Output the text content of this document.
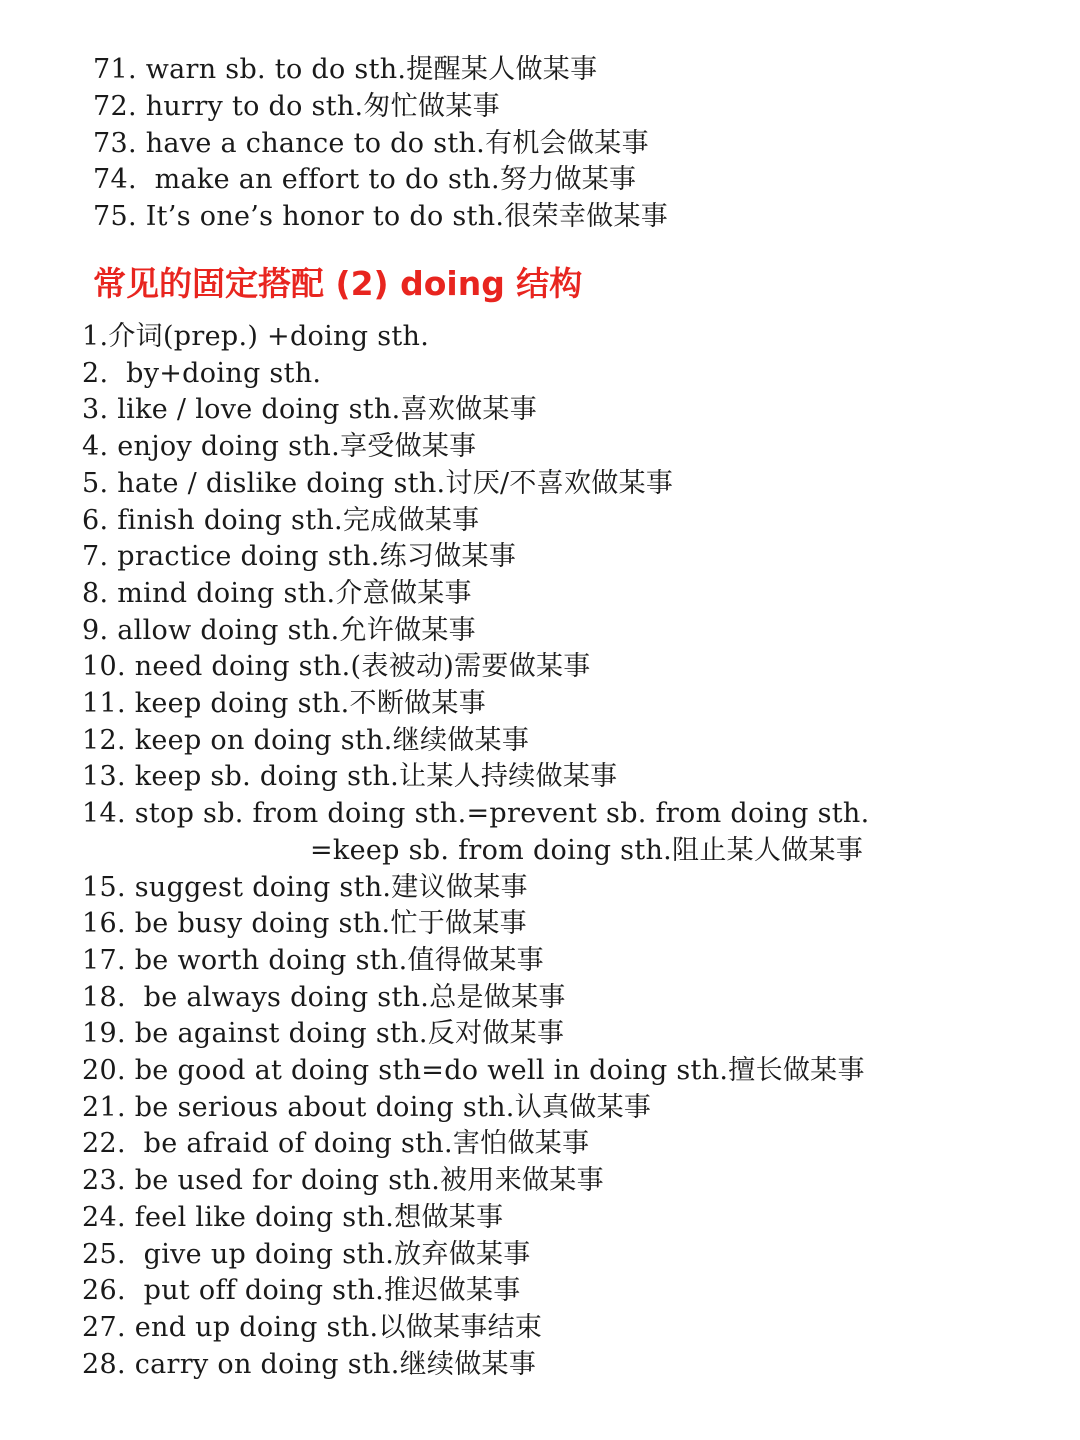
71. warn sb. to do sth.提醒某人做某事
72. hurry to do sth.匆忙做某事
73. have a chance to do sth.有机会做某事
74.  make an effort to do sth.努力做某事
75. It’s one’s honor to do sth.很荣幸做某事
常见的固定搭配 (2) doing 结构
1.介词(prep.) +doing sth.
2.  by+doing sth.
3. like / love doing sth.喜欢做某事
4. enjoy doing sth.享受做某事
5. hate / dislike doing sth.讨厌/不喜欢做某事
6. finish doing sth.完成做某事
7. practice doing sth.练习做某事
8. mind doing sth.介意做某事
9. allow doing sth.允许做某事
10. need doing sth.(表被动)需要做某事
11. keep doing sth.不断做某事
12. keep on doing sth.继续做某事
13. keep sb. doing sth.让某人持续做某事
14. stop sb. from doing sth.=prevent sb. from doing sth.
=keep sb. from doing sth.阻止某人做某事
15. suggest doing sth.建议做某事
16. be busy doing sth.忙于做某事
17. be worth doing sth.值得做某事
18.  be always doing sth.总是做某事
19. be against doing sth.反对做某事
20. be good at doing sth=do well in doing sth.擅长做某事
21. be serious about doing sth.认真做某事
22.  be afraid of doing sth.害怕做某事
23. be used for doing sth.被用来做某事
24. feel like doing sth.想做某事
25.  give up doing sth.放弃做某事
26.  put off doing sth.推迟做某事
27. end up doing sth.以做某事结束
28. carry on doing sth.继续做某事
